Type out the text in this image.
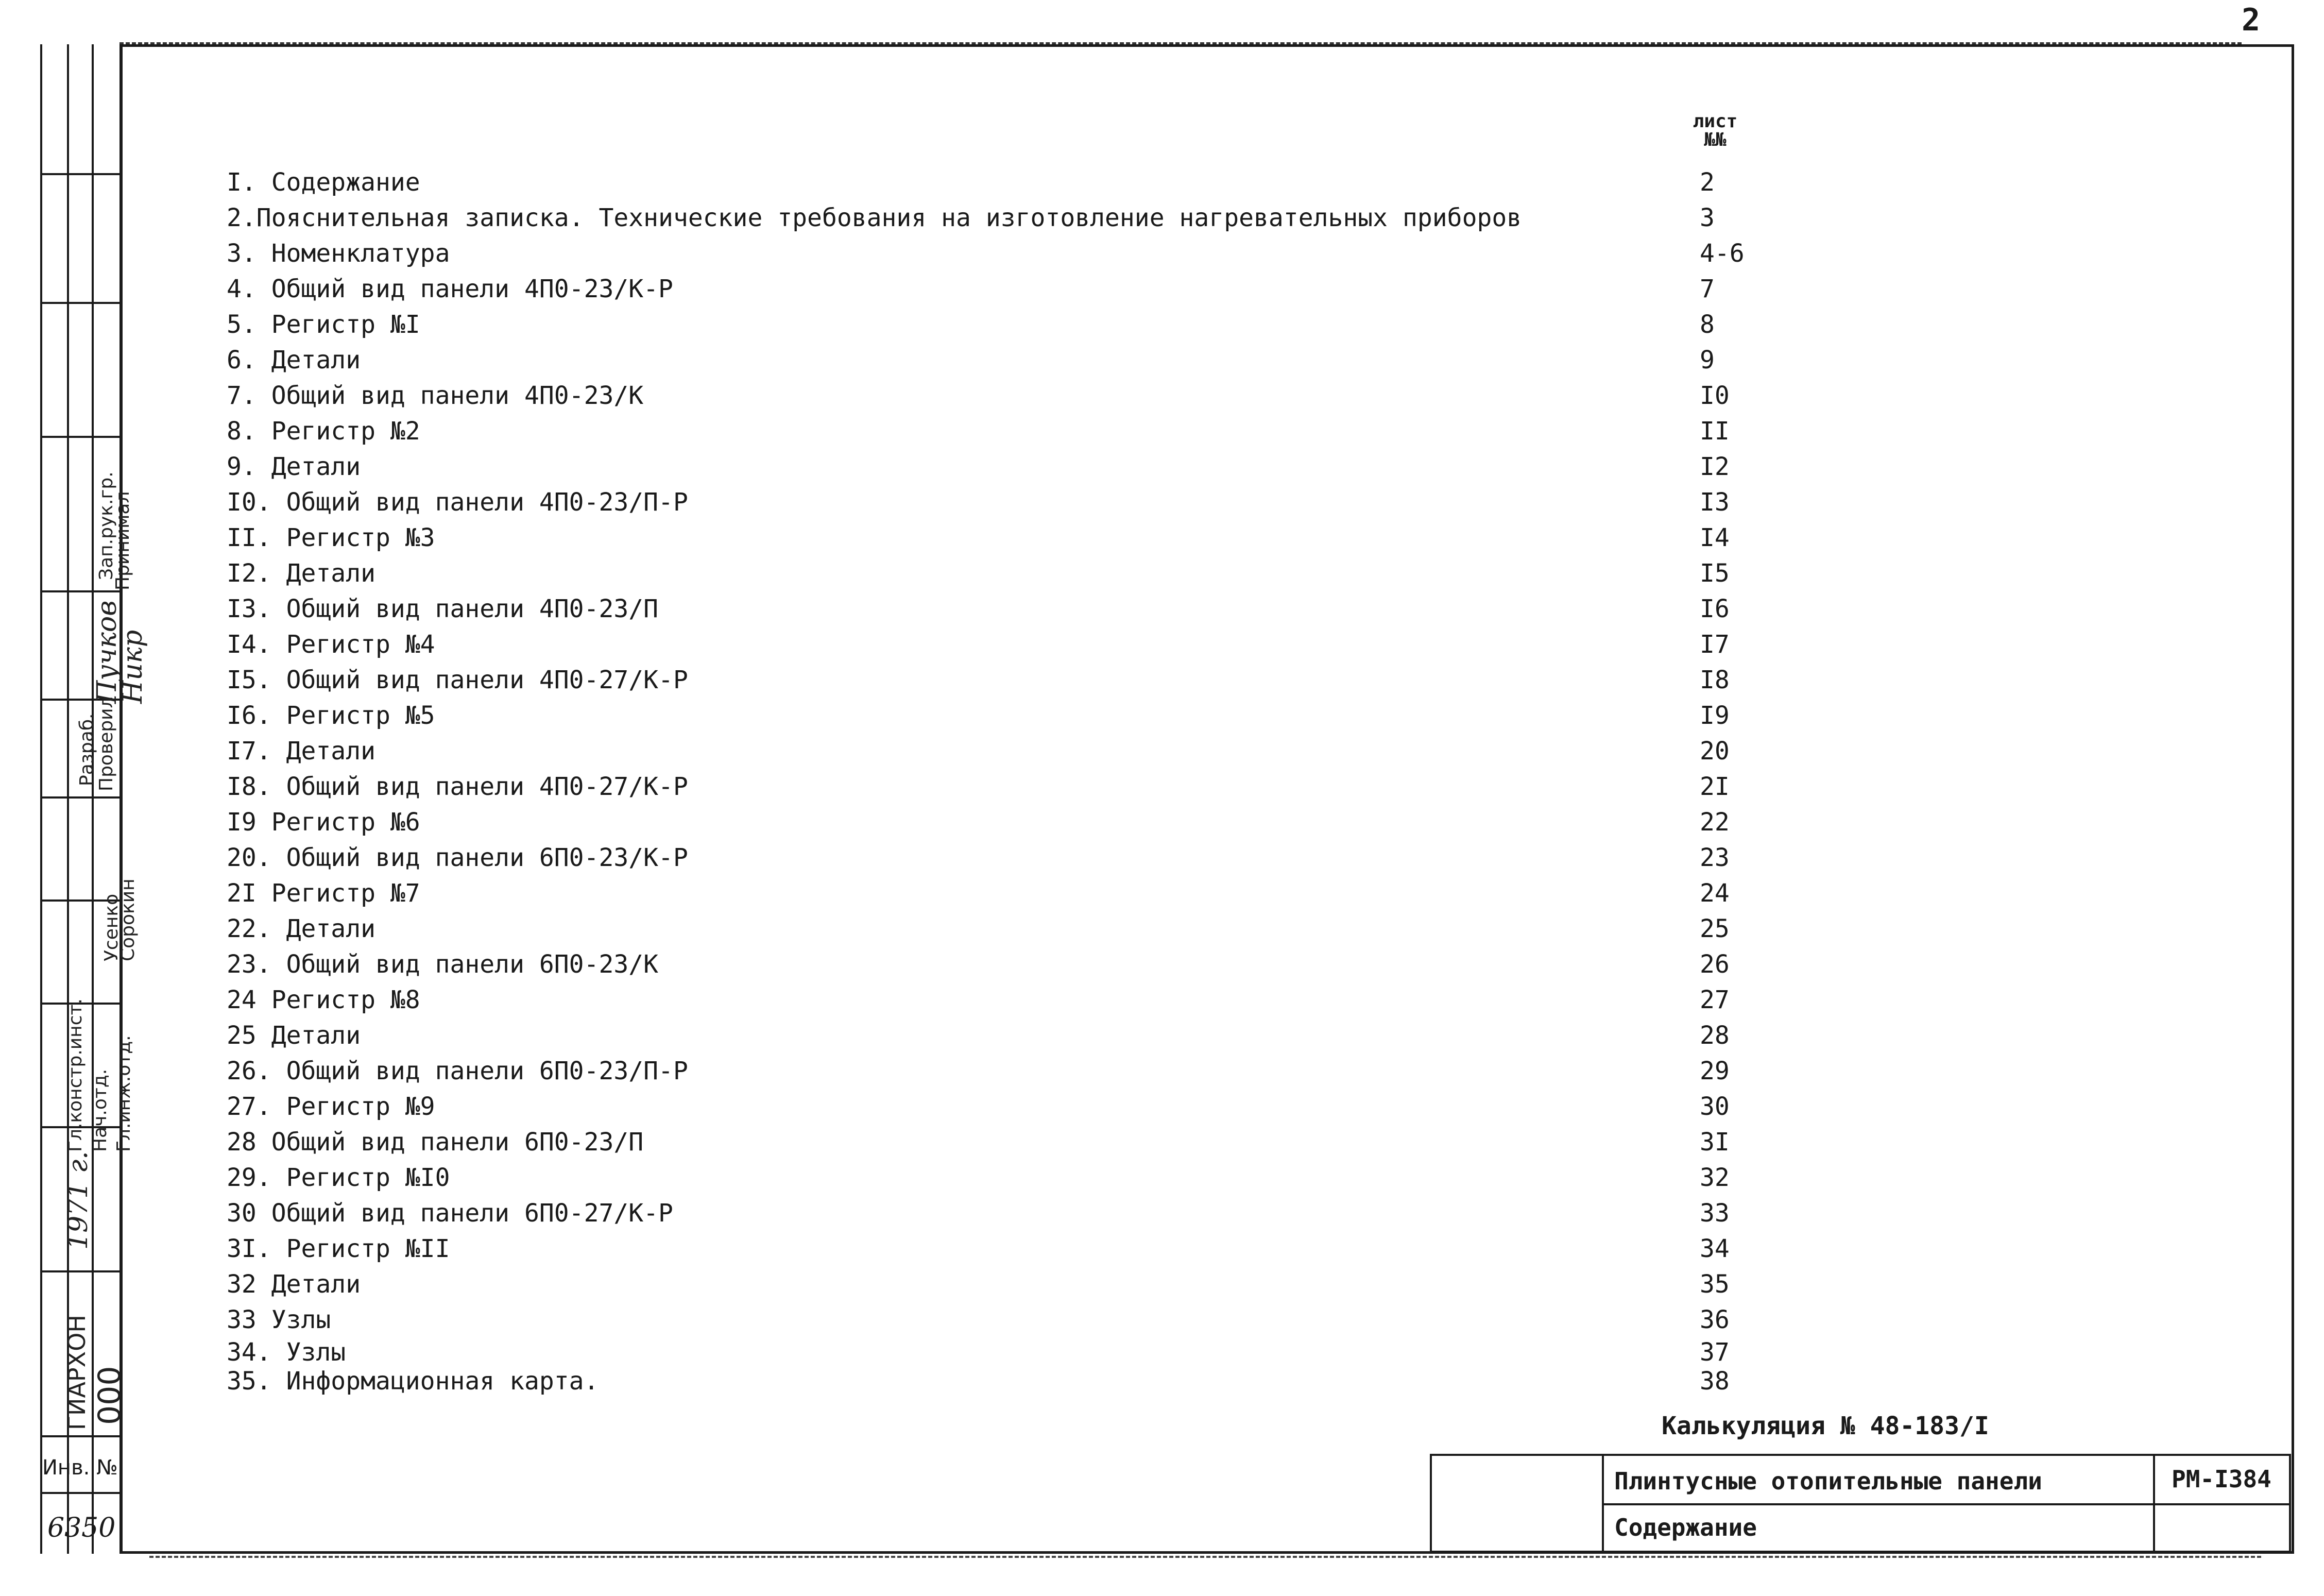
2
Зап.рук.гр.
Принимал
Пучков
Никр
Разраб.
Проверил
Усенко
Сорокин
Гл.констр.инст. Нач.отд. Гл.инж.отд.
1971 г.
ГИАРХОН 000
Инв. №
6350
лист
№№
I. Содержание	2
2.Пояснительная записка. Технические требования на изготовление нагревательных приборов	3
3. Номенклатура	4-6
4. Общий вид панели 4П0-23/К-Р	7
5. Регистр №I	8
6. Детали	9
7. Общий вид панели 4П0-23/К	I0
8. Регистр №2	II
9. Детали	I2
I0. Общий вид панели 4П0-23/П-Р	I3
II. Регистр №3	I4
I2. Детали	I5
I3. Общий вид панели 4П0-23/П	I6
I4. Регистр №4	I7
I5. Общий вид панели 4П0-27/К-Р	I8
I6. Регистр №5	I9
I7. Детали	20
I8. Общий вид панели 4П0-27/К-Р	2I
I9 Регистр №6	22
20. Общий вид панели 6П0-23/К-Р	23
2I Регистр №7	24
22. Детали	25
23. Общий вид панели 6П0-23/К	26
24 Регистр №8	27
25 Детали	28
26. Общий вид панели 6П0-23/П-Р	29
27. Регистр №9	30
28 Общий вид панели 6П0-23/П	3I
29. Регистр №I0	32
30 Общий вид панели 6П0-27/К-Р	33
3I. Регистр №II	34
32 Детали	35
33 Узлы	36
34. Узлы	37
35. Информационная карта.	38
Калькуляция № 48-183/I
Плинтусные отопительные панели	РМ-I384
Содержание
